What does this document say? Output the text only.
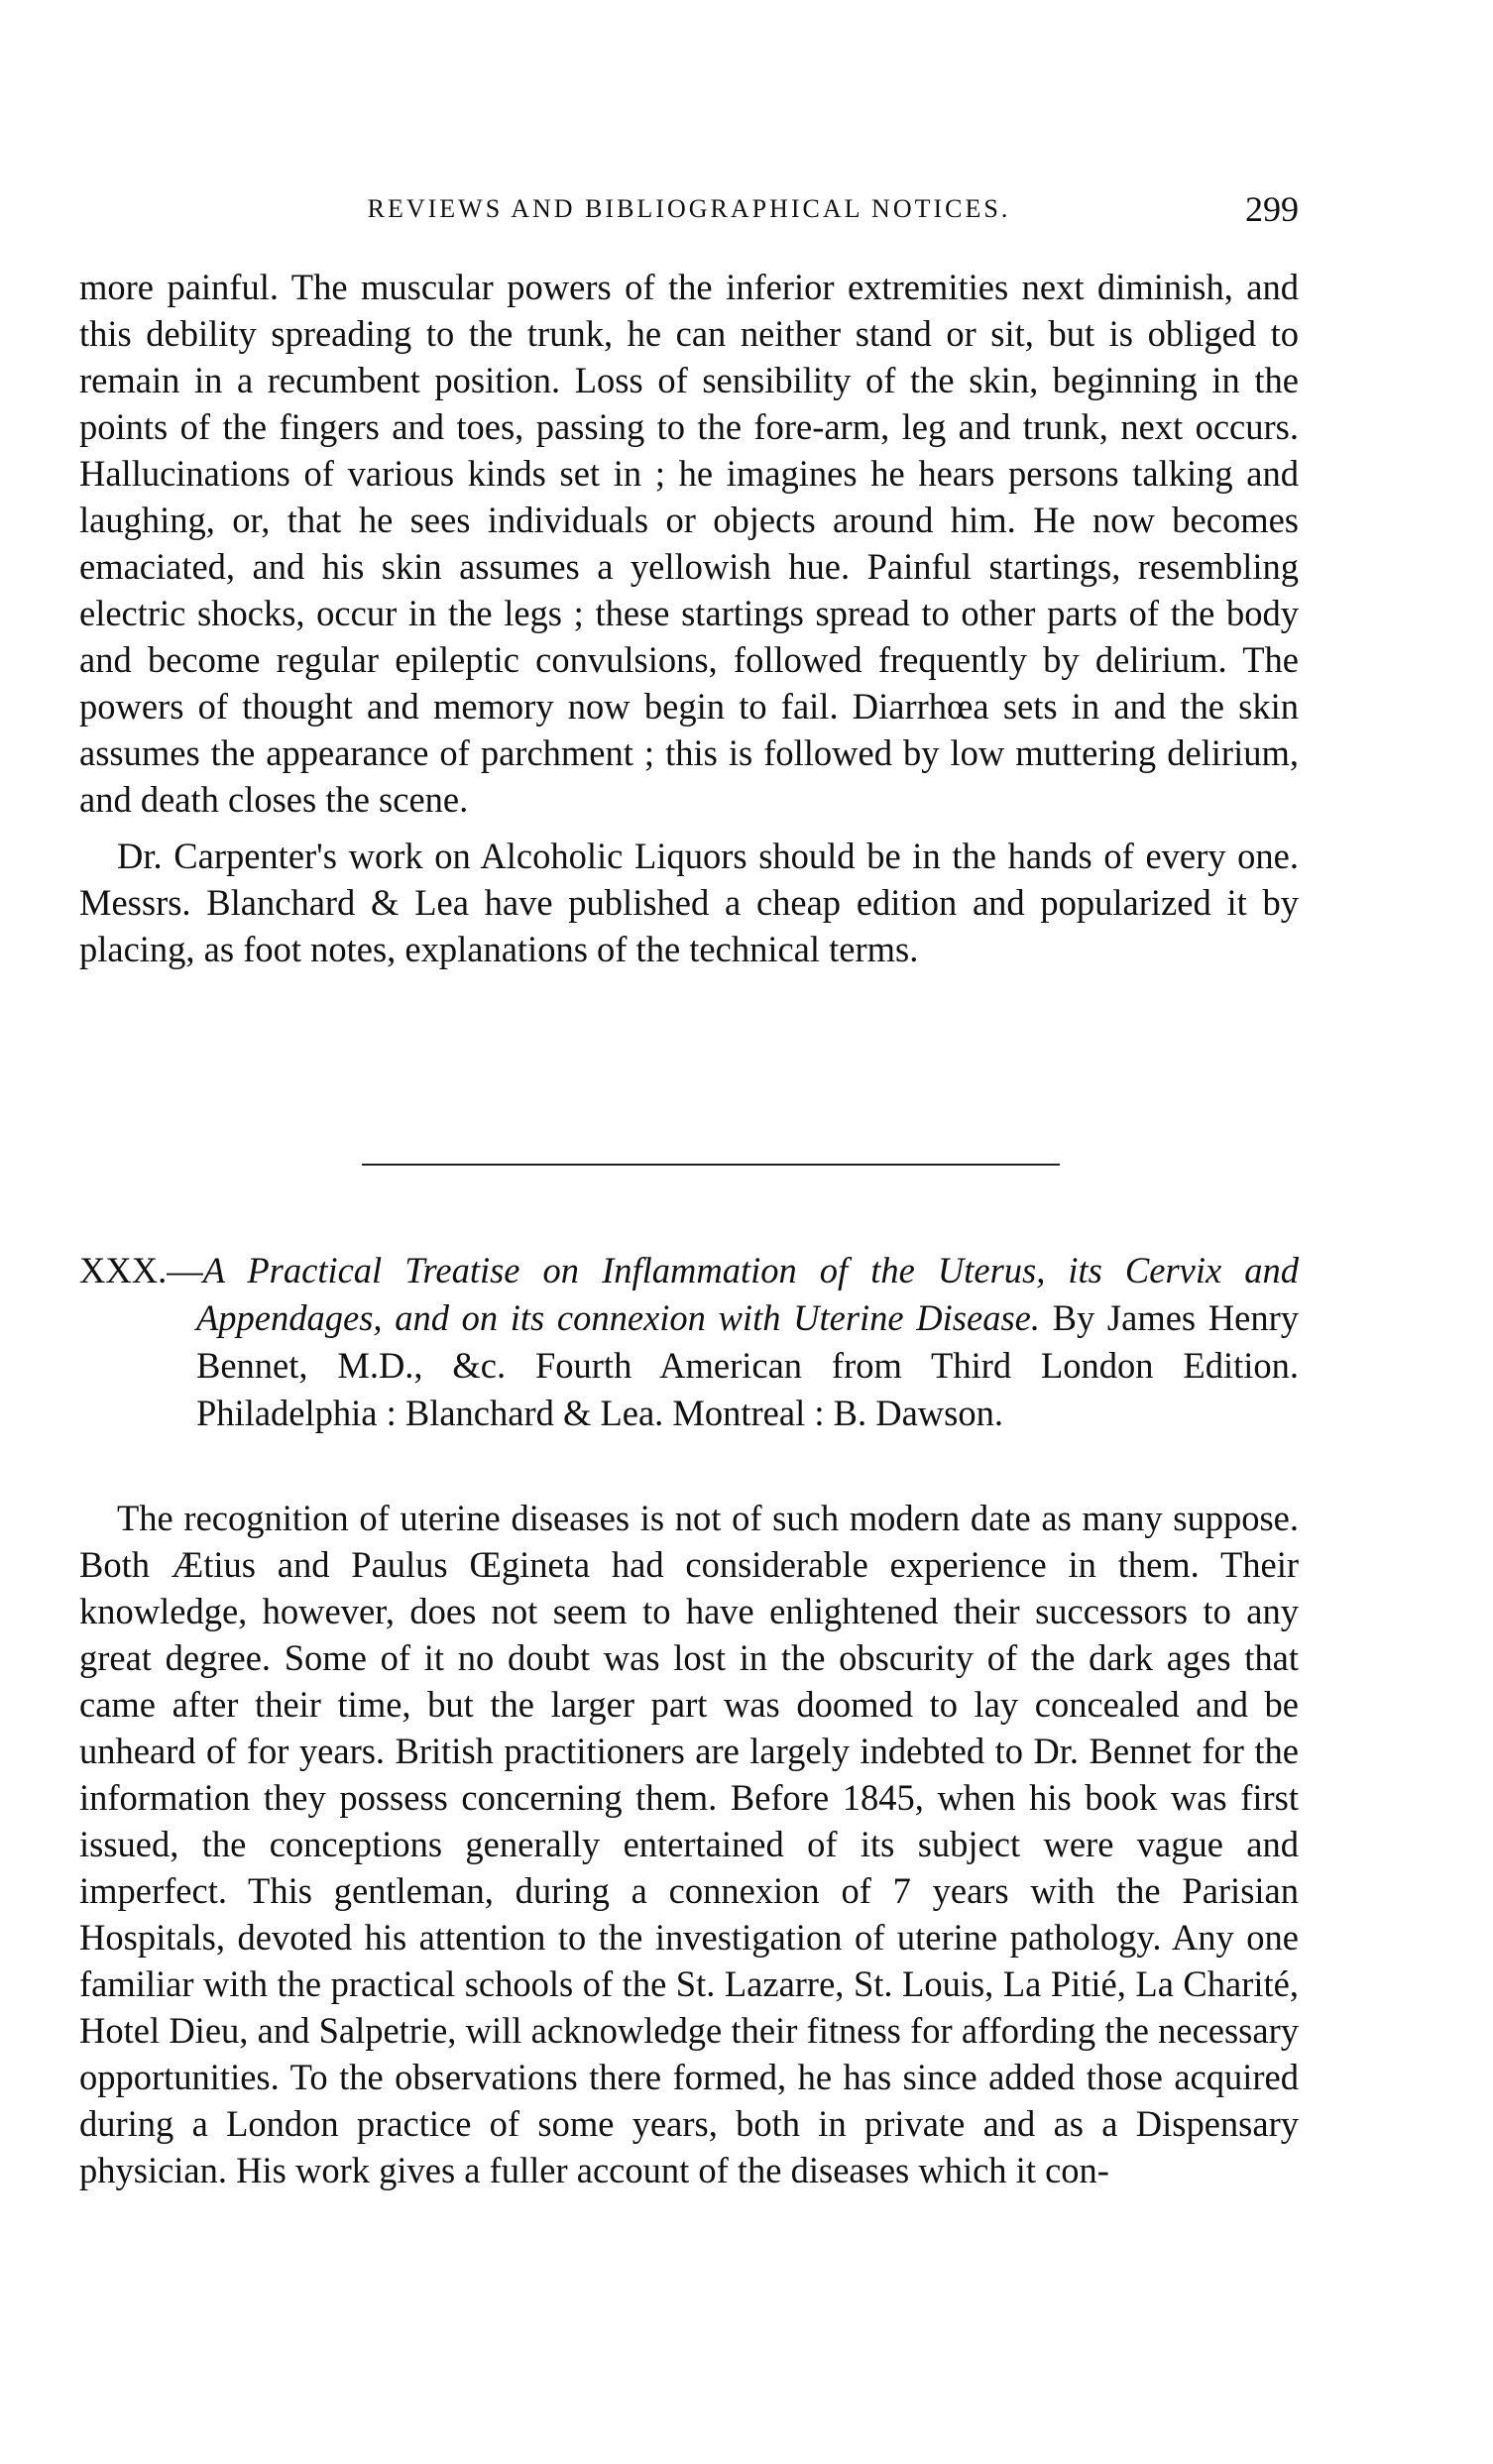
REVIEWS AND BIBLIOGRAPHICAL NOTICES.	299

more painful. The muscular powers of the inferior extremities next diminish, and this debility spreading to the trunk, he can neither stand or sit, but is obliged to remain in a recumbent position. Loss of sensibility of the skin, beginning in the points of the fingers and toes, passing to the fore-arm, leg and trunk, next occurs. Hallucinations of various kinds set in ; he imagines he hears persons talking and laughing, or, that he sees individuals or objects around him. He now becomes emaciated, and his skin assumes a yellowish hue. Painful startings, resembling electric shocks, occur in the legs ; these startings spread to other parts of the body and become regular epileptic convulsions, followed frequently by delirium. The powers of thought and memory now begin to fail. Diarrhœa sets in and the skin assumes the appearance of parchment ; this is followed by low muttering delirium, and death closes the scene.

Dr. Carpenter's work on Alcoholic Liquors should be in the hands of every one. Messrs. Blanchard & Lea have published a cheap edition and popularized it by placing, as foot notes, explanations of the technical terms.

XXX.—A Practical Treatise on Inflammation of the Uterus, its Cervix and Appendages, and on its connexion with Uterine Disease. By James Henry Bennet, M.D., &c. Fourth American from Third London Edition. Philadelphia : Blanchard & Lea. Montreal : B. Dawson.

The recognition of uterine diseases is not of such modern date as many suppose. Both Ætius and Paulus Œgineta had considerable experience in them. Their knowledge, however, does not seem to have enlightened their successors to any great degree. Some of it no doubt was lost in the obscurity of the dark ages that came after their time, but the larger part was doomed to lay concealed and be unheard of for years. British practitioners are largely indebted to Dr. Bennet for the information they possess concerning them. Before 1845, when his book was first issued, the conceptions generally entertained of its subject were vague and imperfect. This gentleman, during a connexion of 7 years with the Parisian Hospitals, devoted his attention to the investigation of uterine pathology. Any one familiar with the practical schools of the St. Lazarre, St. Louis, La Pitié, La Charité, Hotel Dieu, and Salpetrie, will acknowledge their fitness for affording the necessary opportunities. To the observations there formed, he has since added those acquired during a London practice of some years, both in private and as a Dispensary physician. His work gives a fuller account of the diseases which it con-
